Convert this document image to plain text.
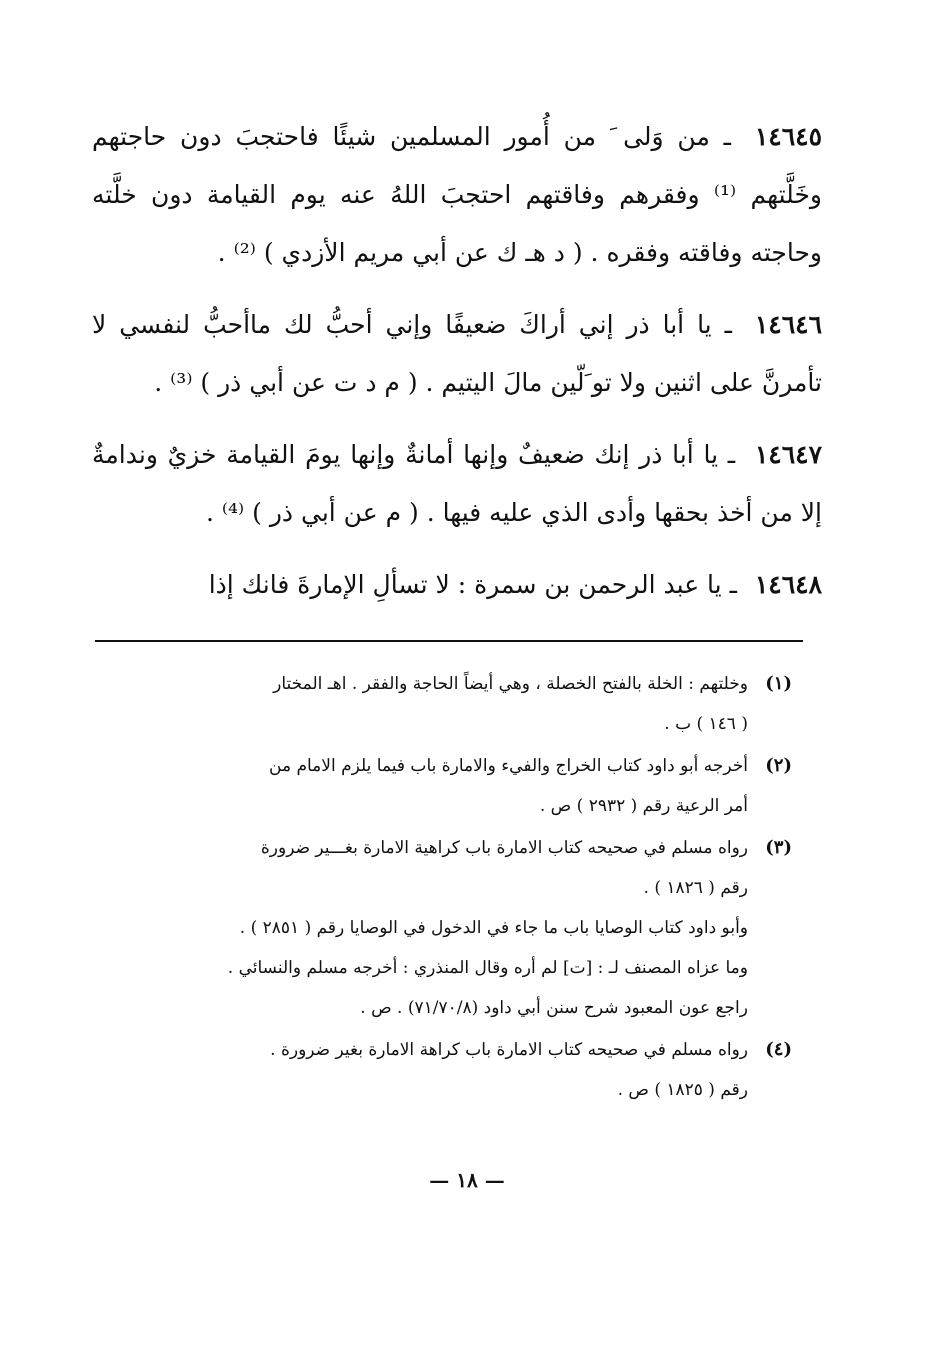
١٤٦٤٥ ـ من وَلى َ من أُمور المسلمين شيئًا فاحتجبَ دون حاجتهم وخَلَّتهم ⁽¹⁾ وفقرهم وفاقتهم احتجبَ اللهُ عنه يوم القيامة دون خلَّته وحاجته وفاقته وفقره . ( د هـ ك عن أبي مريم الأزدي ) ⁽²⁾ .

١٤٦٤٦ ـ يا أبا ذر إني أراكَ ضعيفًا وإني أحبُّ لك ماأحبُّ لنفسي لا تأمرنَّ على اثنين ولا تو َلّين مالَ اليتيم . ( م د ت عن أبي ذر ) ⁽³⁾ .

١٤٦٤٧ ـ يا أبا ذر إنك ضعيفٌ وإنها أمانةٌ وإنها يومَ القيامة خزيٌ وندامةٌ إلا من أخذ بحقها وأدى الذي عليه فيها . ( م عن أبي ذر ) ⁽⁴⁾ .

١٤٦٤٨ ـ يا عبد الرحمن بن سمرة : لا تسألِ الإمارةَ فانك إذا

(١)
وخلتهم : الخلة بالفتح الخصلة ، وهي أيضاً الحاجة والفقر . اهـ المختار
( ١٤٦ ) ب .
(٢)
أخرجه أبو داود كتاب الخراج والفيء والامارة باب فيما يلزم الامام من
أمر الرعية رقم ( ٢٩٣٢ ) ص .
(٣)
رواه مسلم في صحيحه كتاب الامارة باب كراهية الامارة بغـــير ضرورة
رقم ( ١٨٢٦ ) .
وأبو داود كتاب الوصايا باب ما جاء في الدخول في الوصايا رقم ( ٢٨٥١ ) .
وما عزاه المصنف لـ : [ت] لم أره وقال المنذري : أخرجه مسلم والنسائي .
راجع عون المعبود شرح سنن أبي داود (٧١/٧٠/٨) . ص .
(٤)
رواه مسلم في صحيحه كتاب الامارة باب كراهة الامارة بغير ضرورة .
رقم ( ١٨٢٥ ) ص .
— ١٨ —
